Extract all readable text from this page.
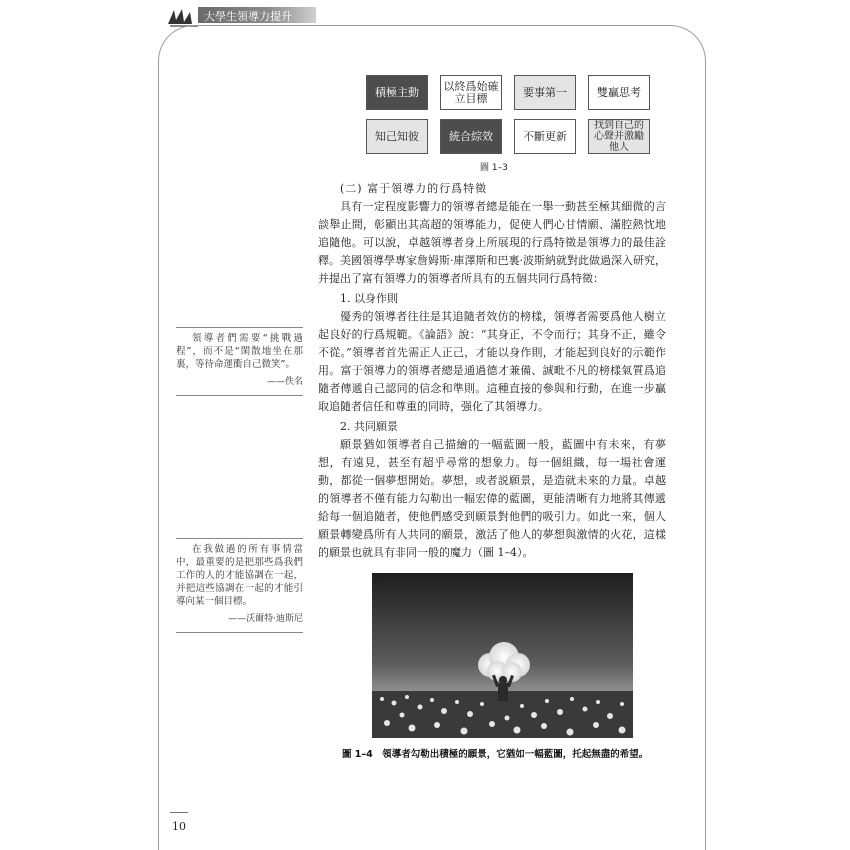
大學生領導力提升
積極主動 以終爲始確立目標	要事第一	雙贏思考
知己知彼	統合綜效	不斷更新
找到自己的心聲并激勵他人
圖 1–3
(二) 富于領導力的行爲特徵

具有一定程度影響力的領導者總是能在一舉一動甚至極其細微的言談舉止間，彰顯出其高超的領導能力，促使人們心甘情願、滿腔熱忱地追隨他。可以說，卓越領導者身上所展現的行爲特徵是領導力的最佳詮釋。美國領導學專家詹姆斯·庫澤斯和巴裏·波斯納就對此做過深入研究，并提出了富有領導力的領導者所具有的五個共同行爲特徵：

1. 以身作則

優秀的領導者往往是其追隨者效仿的榜樣，領導者需要爲他人樹立起良好的行爲規範。《論語》說：“其身正，不令而行；其身不正，雖令不從。”領導者首先需正人正己，才能以身作則，才能起到良好的示範作用。富于領導力的領導者總是通過德才兼備、誠毗不凡的榜樣氣質爲追隨者傳遞自己認同的信念和準則。這種直接的參與和行動，在進一步贏取追隨者信任和尊重的同時，强化了其領導力。

2. 共同願景

願景猶如領導者自己描繪的一幅藍圖一般，藍圖中有未來，有夢想，有遠見，甚至有超乎尋常的想象力。每一個組織，每一場社會運動，都從一個夢想開始。夢想，或者説願景，是造就未來的力量。卓越的領導者不僅有能力勾勒出一幅宏偉的藍圖，更能清晰有力地將其傳遞給每一個追隨者，使他們感受到願景對他們的吸引力。如此一來，個人願景轉變爲所有人共同的願景，激活了他人的夢想與激情的火花，這樣的願景也就具有非同一般的魔力（圖 1–4）。

領導者們需要“挑戰過程”，而不是“閑散地坐在那裏，等待命運衝自己微笑”。
——佚名
在我做過的所有事情當中，最重要的是把那些爲我們工作的人的才能協調在一起，并把這些協調在一起的才能引導向某一個目標。
——沃爾特·迪斯尼
圖 1–4　領導者勾勒出積極的願景，它猶如一幅藍圖，托起無盡的希望。
10
